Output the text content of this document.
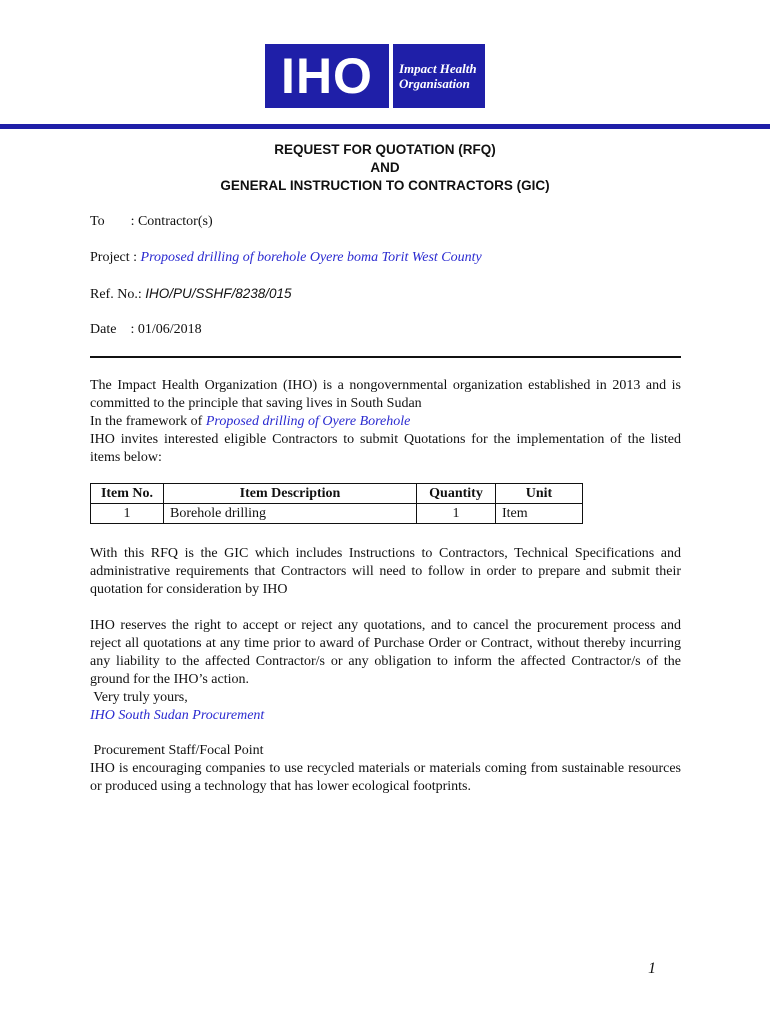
IHO Impact Health
Organisation
REQUEST FOR QUOTATION (RFQ)
AND
GENERAL INSTRUCTION TO CONTRACTORS (GIC)
To : Contractor(s)
Project : Proposed drilling of borehole Oyere boma Torit West County
Ref. No.: IHO/PU/SSHF/8238/015
Date : 01/06/2018

The Impact Health Organization (IHO) is a nongovernmental organization established in 2013 and is committed to the principle that saving lives in South Sudan

In the framework of Proposed drilling of Oyere Borehole

IHO invites interested eligible Contractors to submit Quotations for the implementation of the listed items below:

Item No.	Item Description	Quantity	Unit
1	Borehole drilling	1	Item
With this RFQ is the GIC which includes Instructions to Contractors, Technical Specifications and administrative requirements that Contractors will need to follow in order to prepare and submit their quotation for consideration by IHO

IHO reserves the right to accept or reject any quotations, and to cancel the procurement process and reject all quotations at any time prior to award of Purchase Order or Contract, without thereby incurring any liability to the affected Contractor/s or any obligation to inform the affected Contractor/s of the ground for the IHO’s action.

Very truly yours,

IHO South Sudan Procurement

Procurement Staff/Focal Point

IHO is encouraging companies to use recycled materials or materials coming from sustainable resources or produced using a technology that has lower ecological footprints.

1
